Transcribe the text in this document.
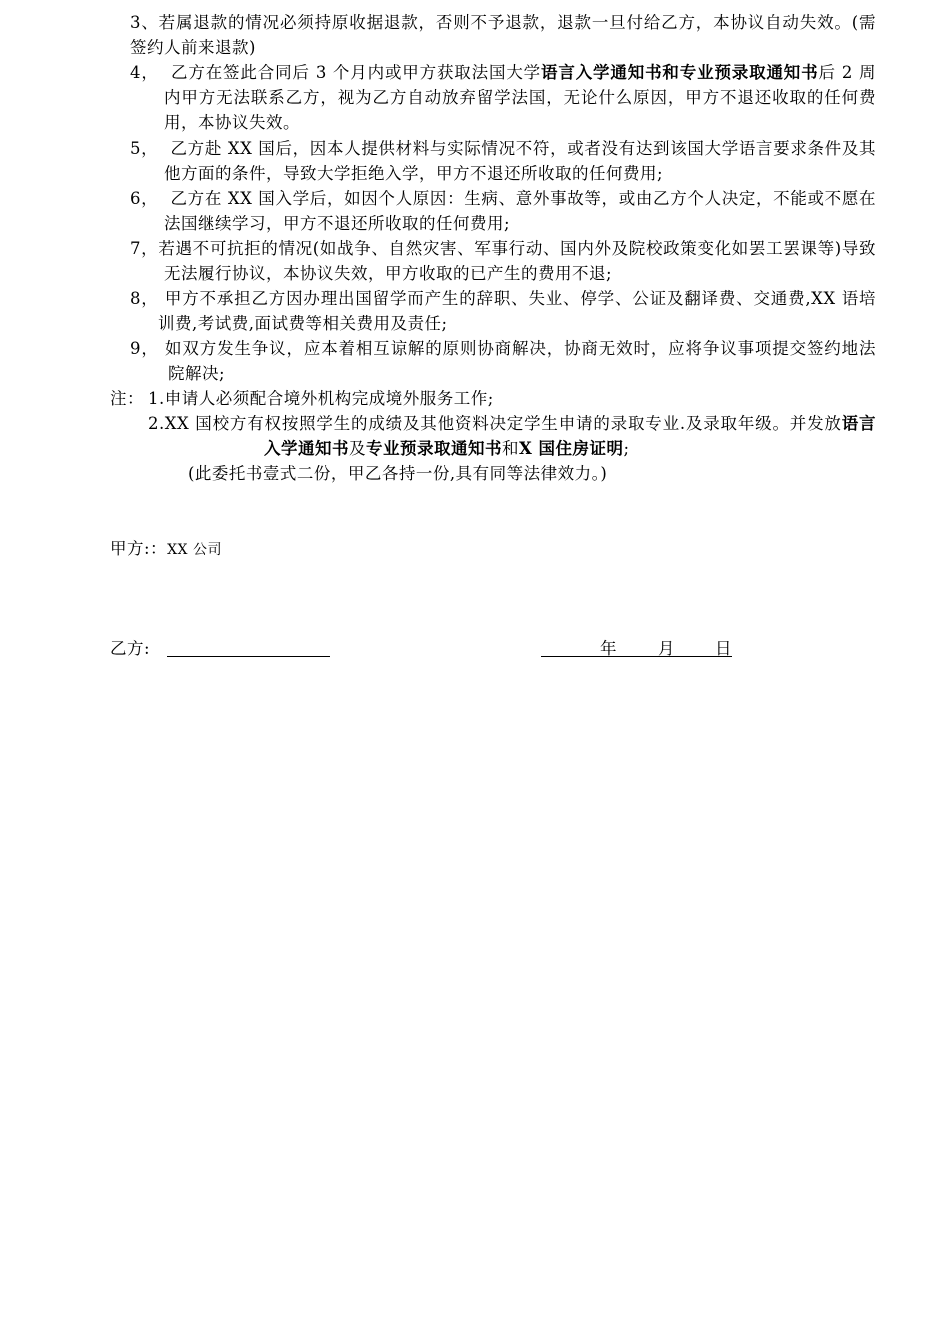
3、若属退款的情况必须持原收据退款，否则不予退款，退款一旦付给乙方，本协议自动失效。(需签约人前来退款)
4， 乙方在签此合同后 3 个月内或甲方获取法国大学语言入学通知书和专业预录取通知书后 2 周内甲方无法联系乙方，视为乙方自动放弃留学法国，无论什么原因，甲方不退还收取的任何费用，本协议失效。
5， 乙方赴 XX 国后，因本人提供材料与实际情况不符，或者没有达到该国大学语言要求条件及其他方面的条件，导致大学拒绝入学，甲方不退还所收取的任何费用;
6， 乙方在 XX 国入学后，如因个人原因：生病、意外事故等，或由乙方个人决定，不能或不愿在法国继续学习，甲方不退还所收取的任何费用;
7，若遇不可抗拒的情况(如战争、自然灾害、军事行动、国内外及院校政策变化如罢工罢课等)导致无法履行协议，本协议失效，甲方收取的已产生的费用不退;
8， 甲方不承担乙方因办理出国留学而产生的辞职、失业、停学、公证及翻译费、交通费,XX 语培训费,考试费,面试费等相关费用及责任;
9， 如双方发生争议，应本着相互谅解的原则协商解决，协商无效时，应将争议事项提交签约地法院解决;
注： 1.申请人必须配合境外机构完成境外服务工作;
2.XX 国校方有权按照学生的成绩及其他资料决定学生申请的录取专业.及录取年级。并发放语言入学通知书及专业预录取通知书和X 国住房证明;
(此委托书壹式二份，甲乙各持一份,具有同等法律效力。)
甲方:：XX 公司
乙方:	年 月 日
